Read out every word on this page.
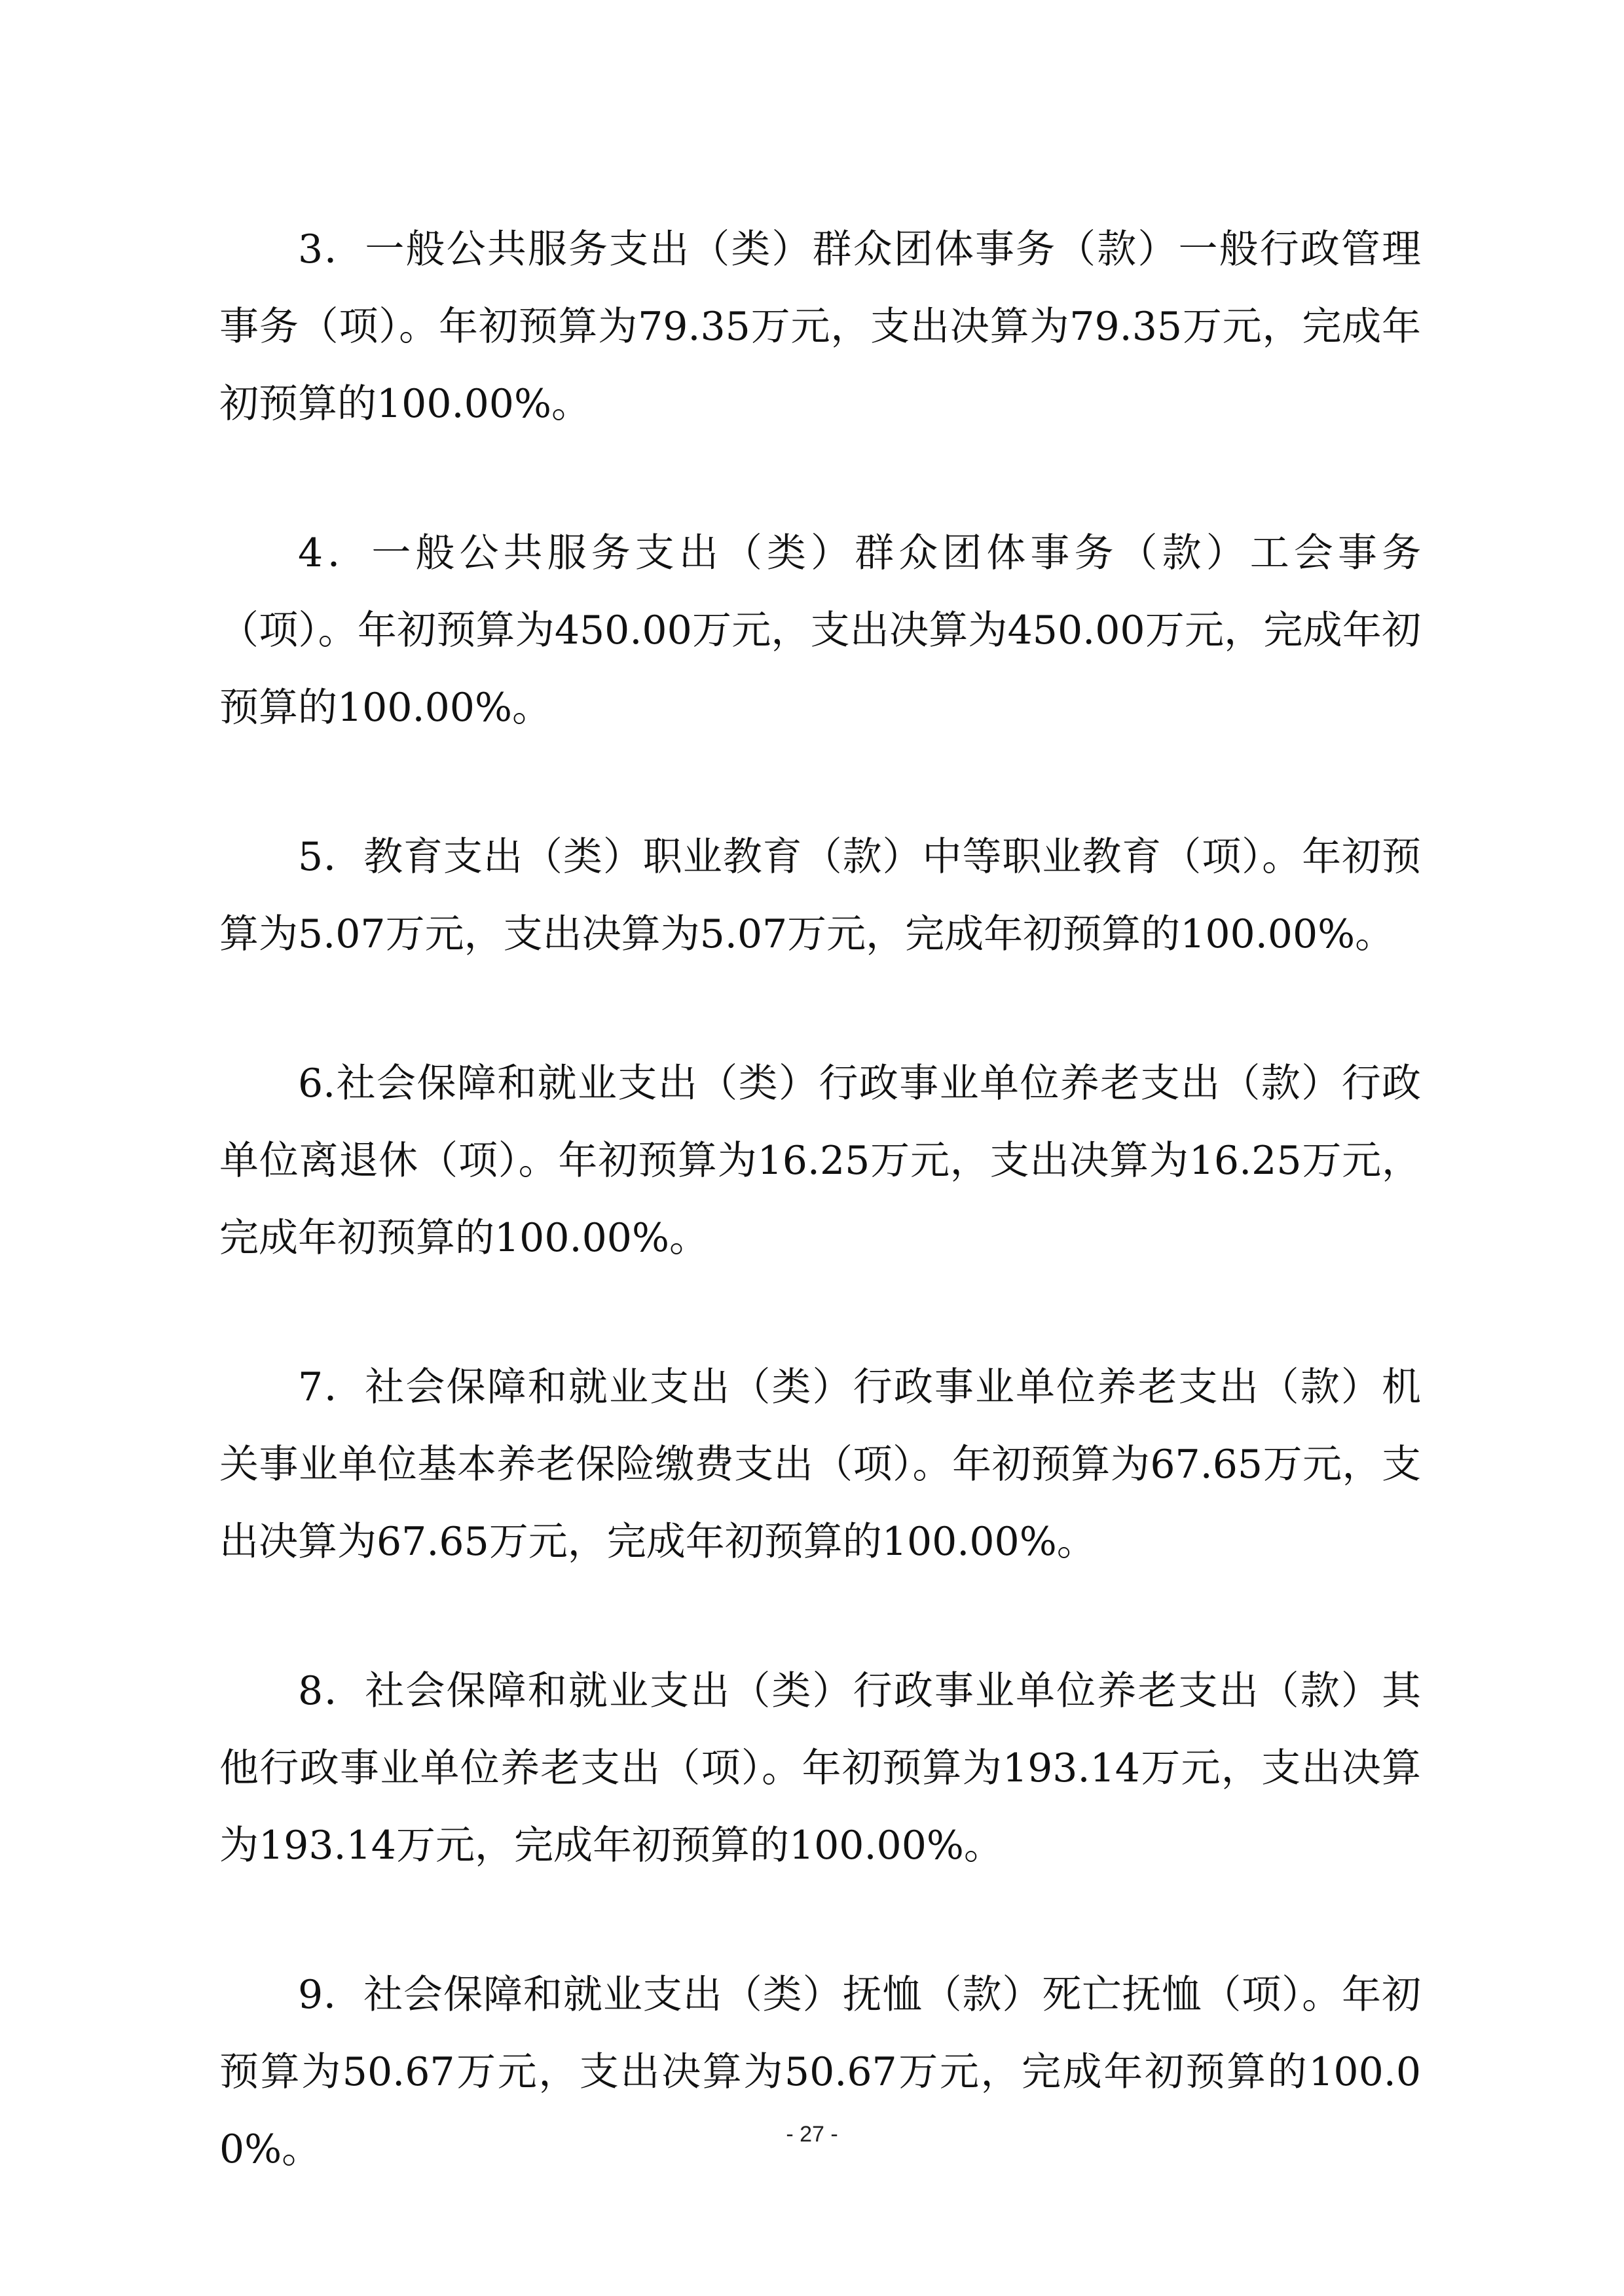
3．一般公共服务支出（类）群众团体事务（款）一般行政管理事务（项）。年初预算为79.35万元，支出决算为79.35万元，完成年初预算的100.00%。

4．一般公共服务支出（类）群众团体事务（款）工会事务（项）。年初预算为450.00万元，支出决算为450.00万元，完成年初预算的100.00%。

5．教育支出（类）职业教育（款）中等职业教育（项）。年初预算为5.07万元，支出决算为5.07万元，完成年初预算的100.00%。

6.社会保障和就业支出（类）行政事业单位养老支出（款）行政单位离退休（项）。年初预算为16.25万元，支出决算为16.25万元，完成年初预算的100.00%。

7．社会保障和就业支出（类）行政事业单位养老支出（款）机关事业单位基本养老保险缴费支出（项）。年初预算为67.65万元，支出决算为67.65万元，完成年初预算的100.00%。

8．社会保障和就业支出（类）行政事业单位养老支出（款）其他行政事业单位养老支出（项）。年初预算为193.14万元，支出决算为193.14万元，完成年初预算的100.00%。

9．社会保障和就业支出（类）抚恤（款）死亡抚恤（项）。年初预算为50.67万元，支出决算为50.67万元，完成年初预算的100.00%。	- 27 -
